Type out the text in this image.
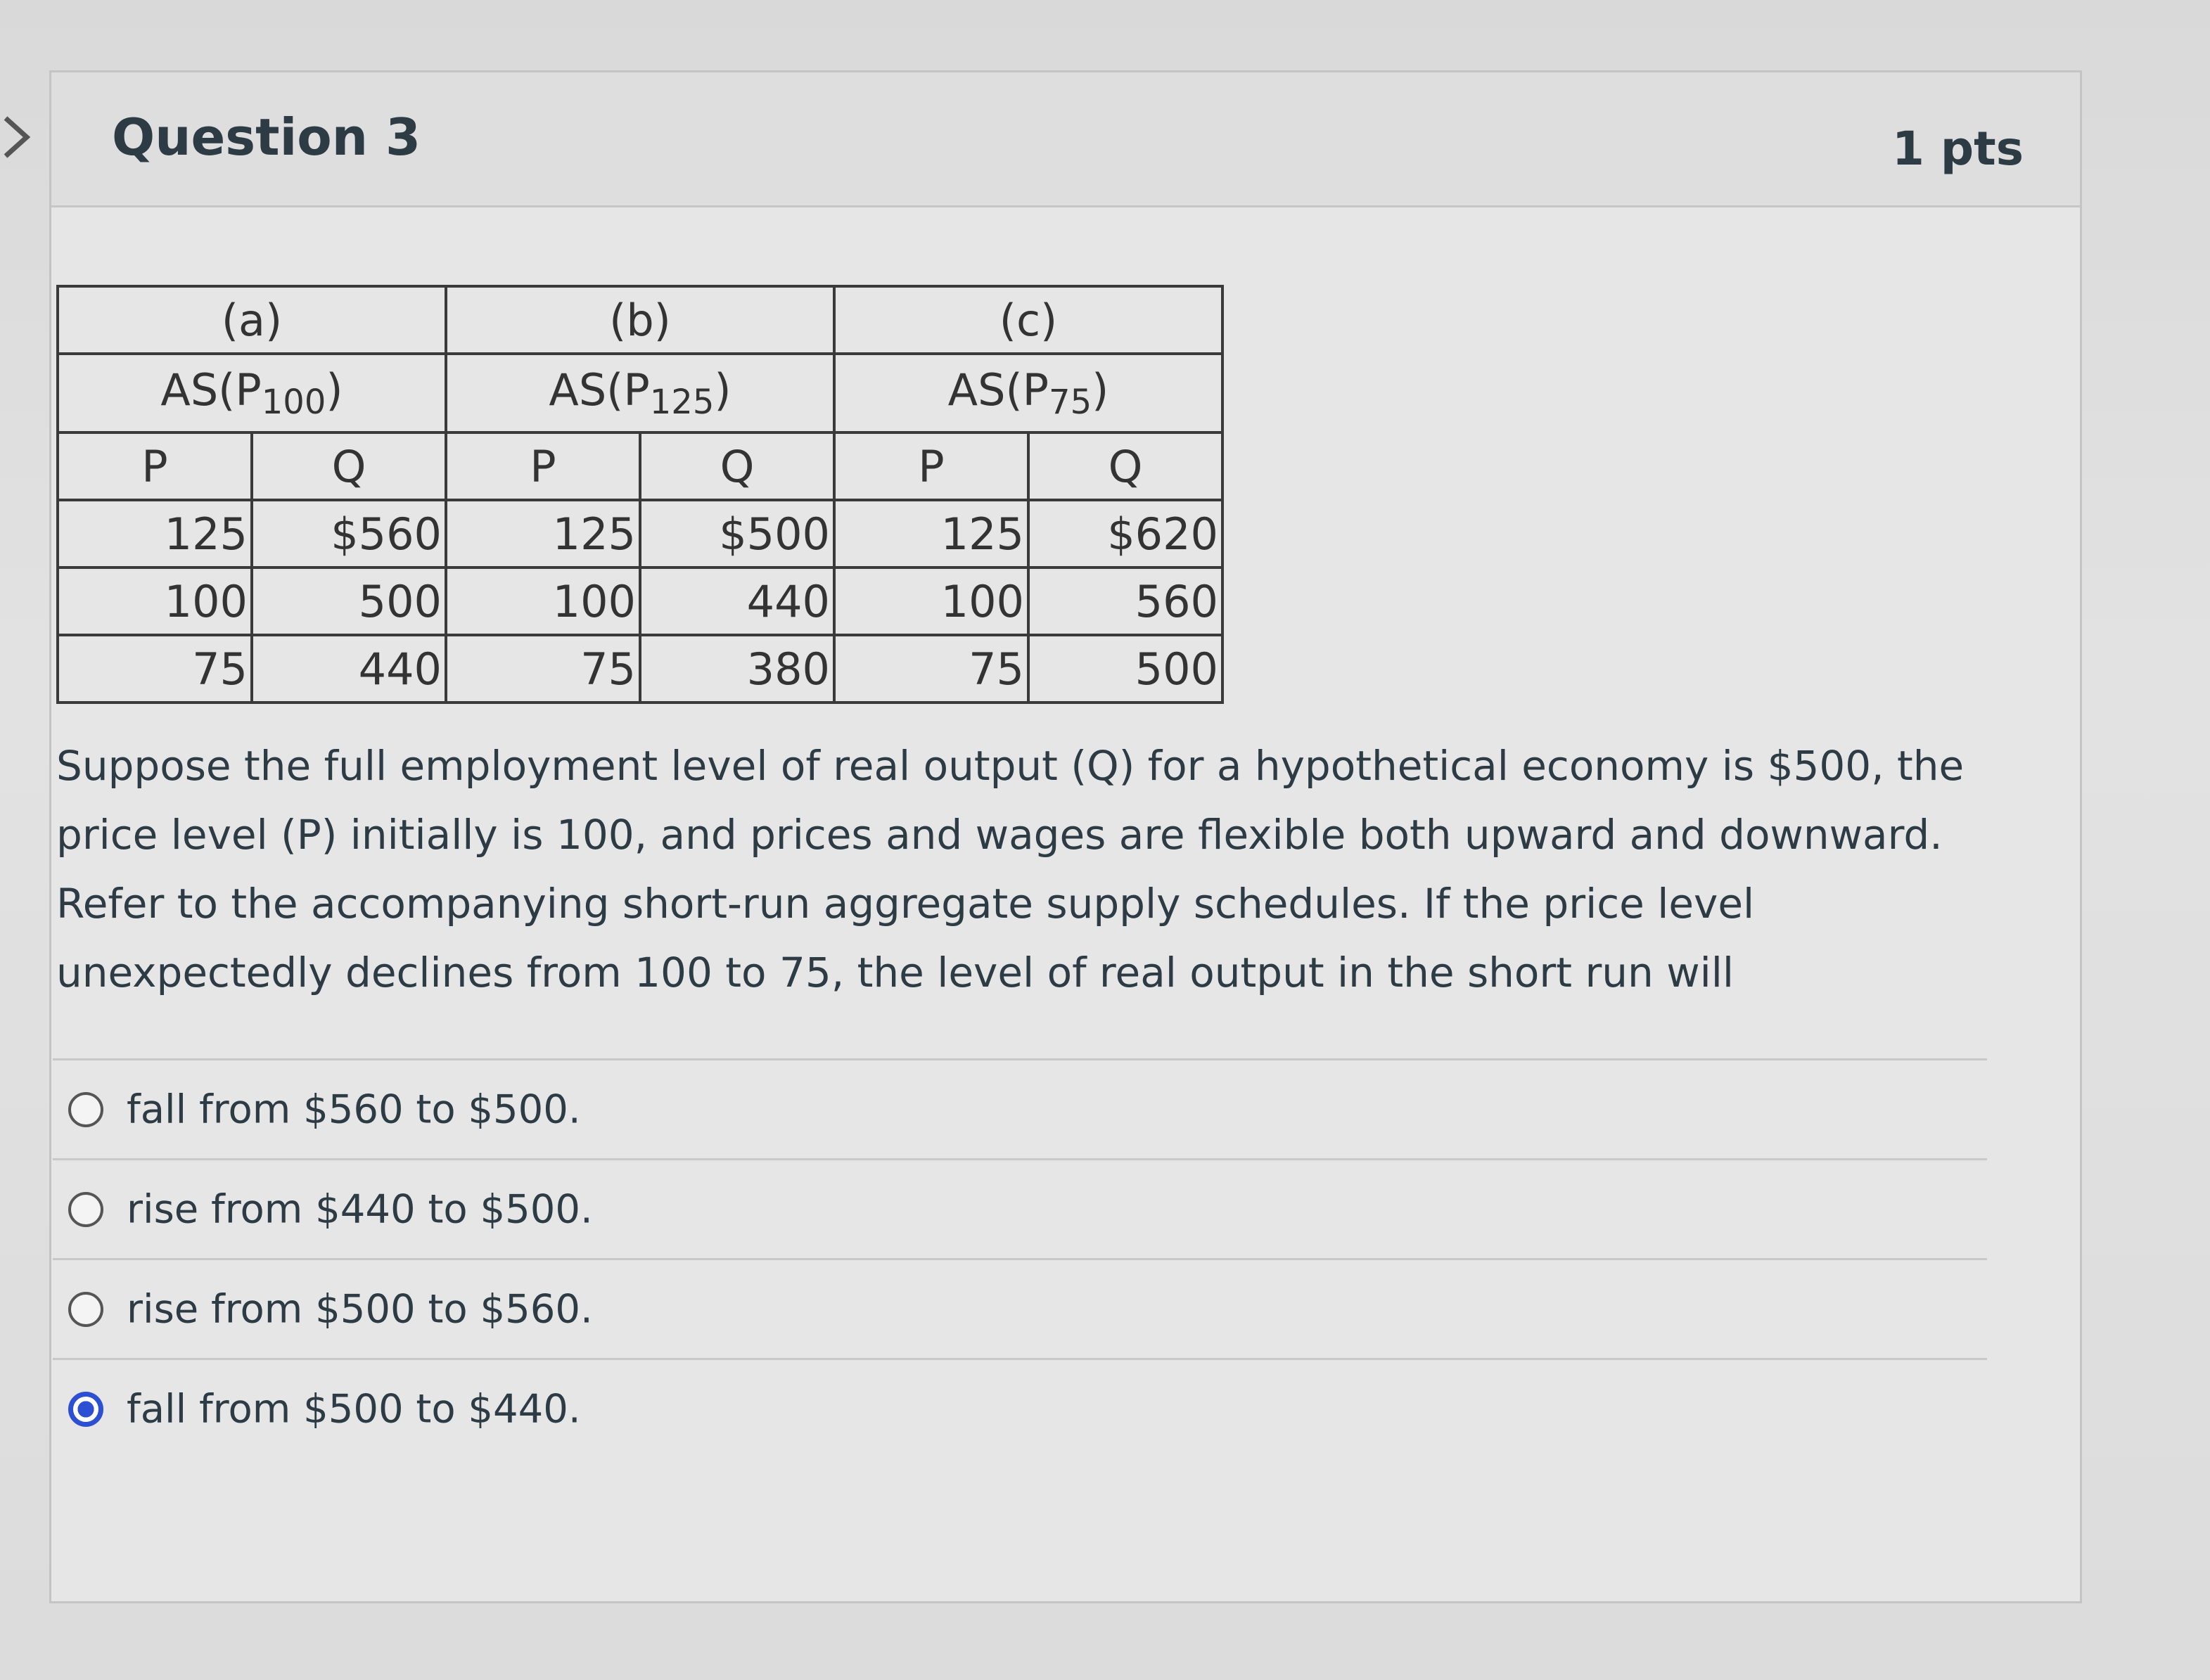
Question 3	1 pts
(a)		(b)		(c)	
$AS(P_{100})$		$AS(P_{125})$		$AS(P_{75})$	
P	Q	P	Q	P	Q
125	$560	125	$500	125	$620
100	500	100	440	100	560
75	440	75	380	75	500
Suppose the full employment level of real output (Q) for a hypothetical economy is $500, the price level (P) initially is 100, and prices and wages are flexible both upward and downward. Refer to the accompanying short-run aggregate supply schedules. If the price level unexpectedly declines from 100 to 75, the level of real output in the short run will
fall from $560 to $500.
rise from $440 to $500.
rise from $500 to $560.
fall from $500 to $440.
